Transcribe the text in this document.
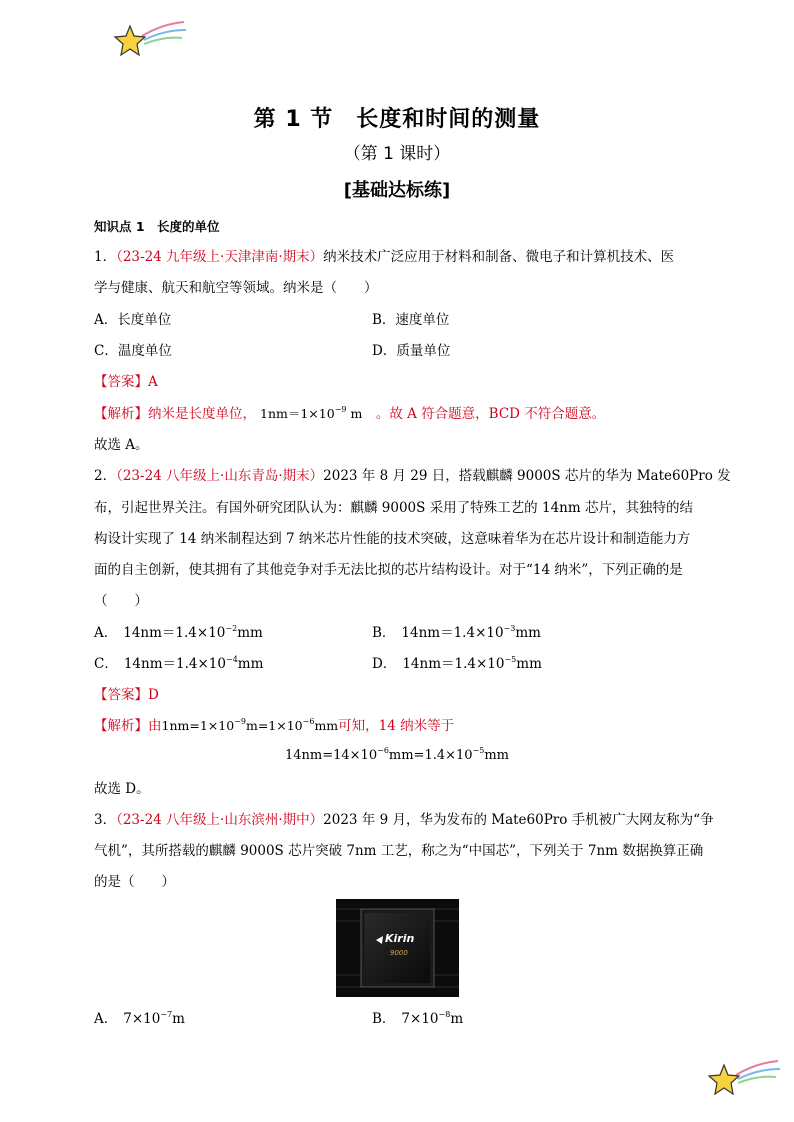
第 1 节　长度和时间的测量
（第 1 课时）
[基础达标练]
知识点 1　长度的单位
1．（23-24 九年级上·天津津南·期末）纳米技术广泛应用于材料和制备、微电子和计算机技术、医
学与健康、航天和航空等领域。纳米是（　　）
A．长度单位	B．速度单位
C．温度单位	D．质量单位
【答案】A
【解析】纳米是长度单位， $1nm=1\times 10^{-9}$ m　。故 A 符合题意，BCD 不符合题意。
故选 A。
2．（23-24 八年级上·山东青岛·期末）2023 年 8 月 29 日，搭载麒麟 9000S 芯片的华为 Mate60Pro 发
布，引起世界关注。有国外研究团队认为：麒麟 9000S 采用了特殊工艺的 14nm 芯片，其独特的结
构设计实现了 14 纳米制程达到 7 纳米芯片性能的技术突破，这意味着华为在芯片设计和制造能力方
面的自主创新，使其拥有了其他竞争对手无法比拟的芯片结构设计。对于“14 纳米”，下列正确的是
（　　）
A． $14nm=1.4\times 10^{-2}mm$	B． $14nm=1.4\times 10^{-3}mm$
C． $14nm=1.4\times 10^{-4}mm$	D． $14nm=1.4\times 10^{-5}mm$
【答案】D
【解析】由$1nm=1\times 10^{-9}m=1\times 10^{-6}mm$可知，14 纳米等于
$14nm=14\times 10^{-6}mm=1.4\times 10^{-5}mm$
故选 D。
3．（23-24 八年级上·山东滨州·期中）2023 年 9 月，华为发布的 Mate60Pro 手机被广大网友称为“争
气机”，其所搭载的麒麟 9000S 芯片突破 7nm 工艺，称之为“中国芯”，下列关于 7nm 数据换算正确
的是（　　）
Kirin
9000
A． $7\times 10^{-7}m$	B． $7\times 10^{-8}m$
